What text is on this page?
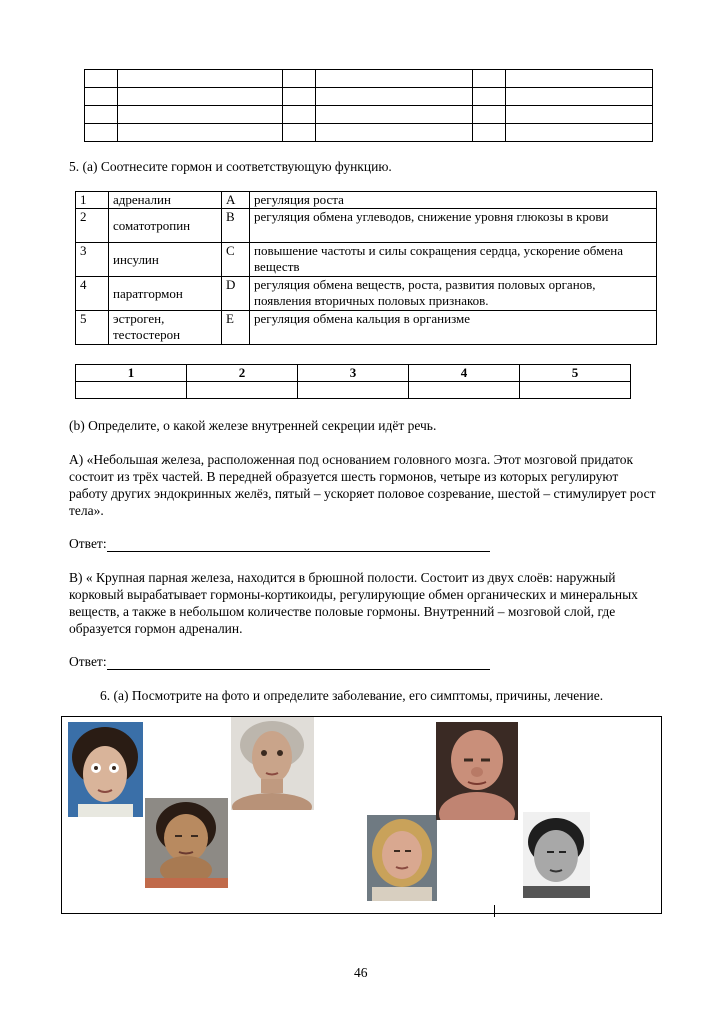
5. (а) Соотнесите гормон и соответствующую функцию.
1	адреналин	A	регуляция роста
2	соматотропин	B	регуляция обмена углеводов, снижение уровня глюкозы в крови
3	инсулин	C	повышение частоты и силы сокращения сердца, ускорение обмена веществ
4	паратгормон	D	регуляция обмена веществ, роста, развития половых органов, появления вторичных половых признаков.
5	эстроген, тестостерон	E	регуляция обмена кальция в организме
1	2	3	4	5

(b) Определите, о какой железе внутренней секреции идёт речь.
А) «Небольшая железа, расположенная под основанием головного мозга. Этот мозговой придаток состоит из трёх частей. В передней образуется шесть гормонов, четыре из которых регулируют работу других эндокринных желёз, пятый – ускоряет половое созревание, шестой – стимулирует рост тела».
Ответ:
В) « Крупная парная железа, находится в брюшной полости. Состоит из двух слоёв: наружный корковый вырабатывает гормоны-кортикоиды, регулирующие обмен органических и минеральных веществ, а также в небольшом количестве половые гормоны. Внутренний – мозговой слой, где образуется гормон адреналин.
Ответ:
6. (а) Посмотрите на фото и определите заболевание, его симптомы, причины, лечение.
46
